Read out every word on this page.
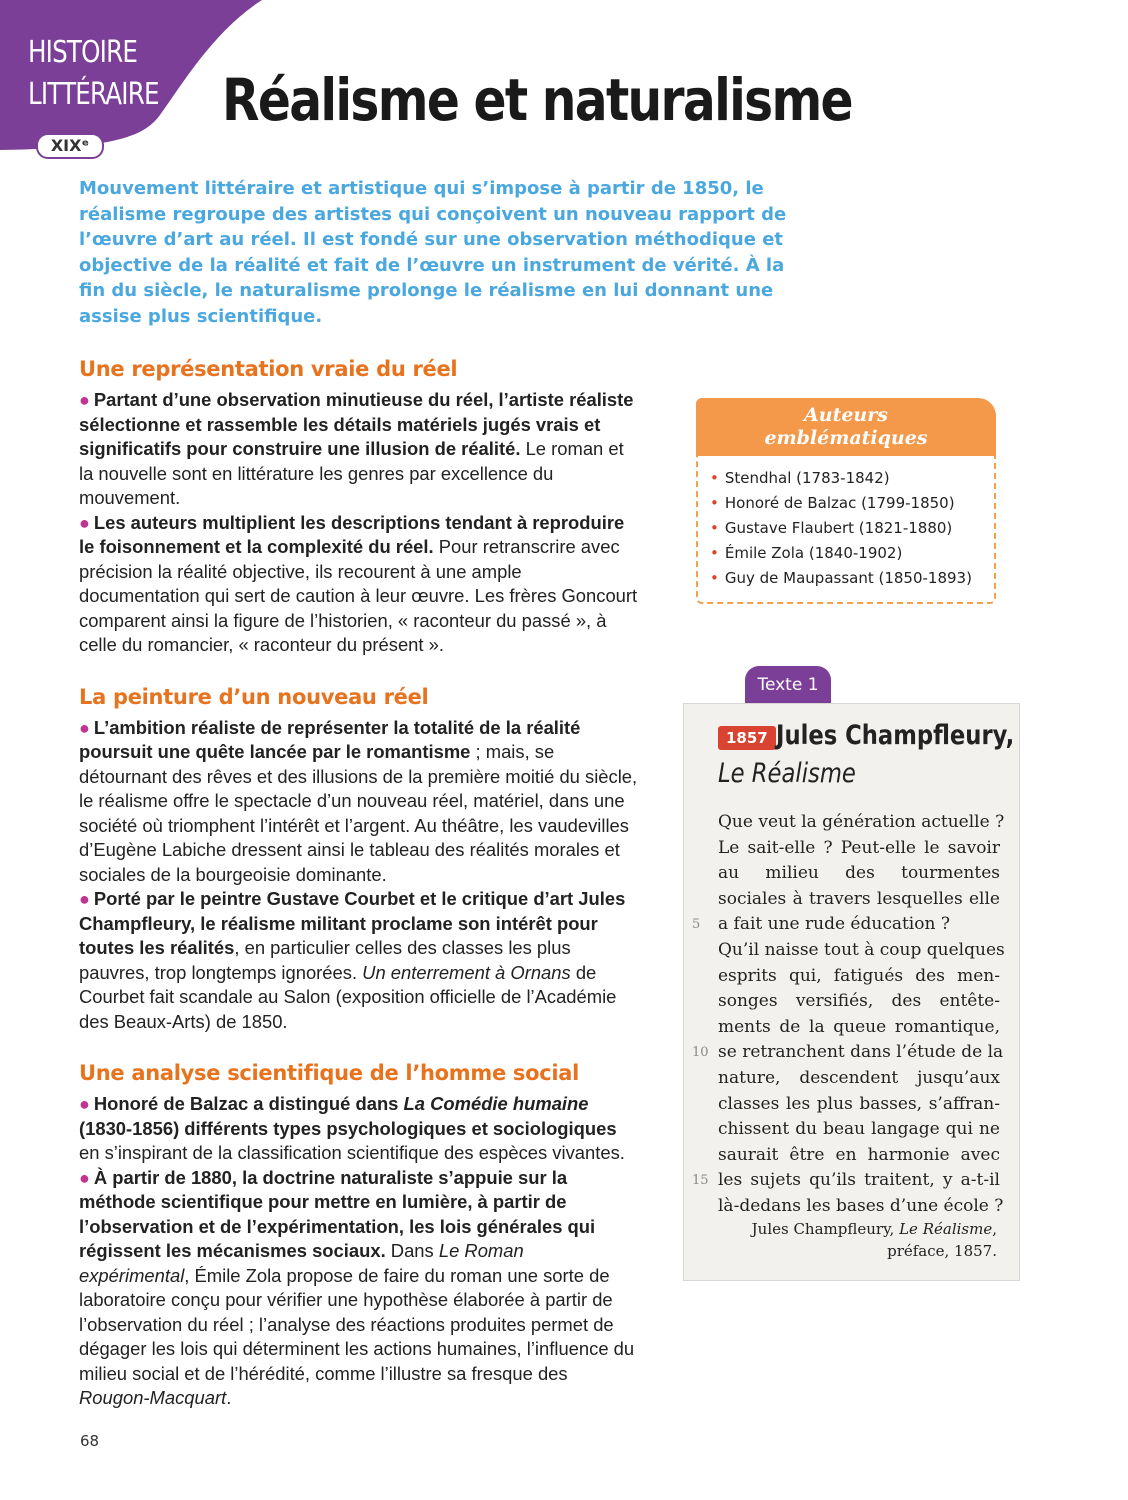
HISTOIRE
LITTÉRAIRE
XIXᵉ
Réalisme et naturalisme

Mouvement littéraire et artistique qui s’impose à partir de 1850, le réalisme regroupe des artistes qui conçoivent un nouveau rapport de l’œuvre d’art au réel. Il est fondé sur une observation méthodique et objective de la réalité et fait de l’œuvre un instrument de vérité. À la fin du siècle, le naturalisme prolonge le réalisme en lui donnant une assise plus scientifique.

Une représentation vraie du réel

● Partant d’une observation minutieuse du réel, l’artiste réaliste sélectionne et rassemble les détails matériels jugés vrais et significatifs pour construire une illusion de réalité. Le roman et la nouvelle sont en littérature les genres par excellence du mouvement.

● Les auteurs multiplient les descriptions tendant à reproduire le foisonnement et la complexité du réel. Pour retranscrire avec précision la réalité objective, ils recourent à une ample documentation qui sert de caution à leur œuvre. Les frères Goncourt comparent ainsi la figure de l’historien, « raconteur du passé », à celle du romancier, « raconteur du présent ».

La peinture d’un nouveau réel

● L’ambition réaliste de représenter la totalité de la réalité poursuit une quête lancée par le romantisme ; mais, se détournant des rêves et des illusions de la première moitié du siècle, le réalisme offre le spectacle d’un nouveau réel, matériel, dans une société où triomphent l’intérêt et l’argent. Au théâtre, les vaudevilles d’Eugène Labiche dressent ainsi le tableau des réalités morales et sociales de la bourgeoisie dominante.

● Porté par le peintre Gustave Courbet et le critique d’art Jules Champfleury, le réalisme militant proclame son intérêt pour toutes les réalités, en particulier celles des classes les plus pauvres, trop longtemps ignorées. Un enterrement à Ornans de Courbet fait scandale au Salon (exposition officielle de l’Académie des Beaux-Arts) de 1850.

Une analyse scientifique de l’homme social

● Honoré de Balzac a distingué dans La Comédie humaine (1830-1856) différents types psychologiques et sociologiques en s’inspirant de la classification scientifique des espèces vivantes.

● À partir de 1880, la doctrine naturaliste s’appuie sur la méthode scientifique pour mettre en lumière, à partir de l’observation et de l’expérimentation, les lois générales qui régissent les mécanismes sociaux. Dans Le Roman expérimental, Émile Zola propose de faire du roman une sorte de laboratoire conçu pour vérifier une hypothèse élaborée à partir de l’observation du réel ; l’analyse des réactions produites permet de dégager les lois qui déterminent les actions humaines, l’influence du milieu social et de l’hérédité, comme l’illustre sa fresque des Rougon-Macquart.

Auteurs
emblématiques
• Stendhal (1783-1842)
• Honoré de Balzac (1799-1850)
• Gustave Flaubert (1821-1880)
• Émile Zola (1840-1902)
• Guy de Maupassant (1850-1893)
Texte 1
1857 Jules Champfleury,
Le Réalisme
5
10
15
Que veut la génération actuelle ?
Le sait-elle ? Peut-elle le savoir
au milieu des tourmentes
sociales à travers lesquelles elle
a fait une rude éducation ?
Qu’il naisse tout à coup quelques
esprits qui, fatigués des men-
songes versifiés, des entête-
ments de la queue romantique,
se retranchent dans l’étude de la
nature, descendent jusqu’aux
classes les plus basses, s’affran-
chissent du beau langage qui ne
saurait être en harmonie avec
les sujets qu’ils traitent, y a-t-il
là-dedans les bases d’une école ?
Jules Champfleury, Le Réalisme,
préface, 1857.
68
